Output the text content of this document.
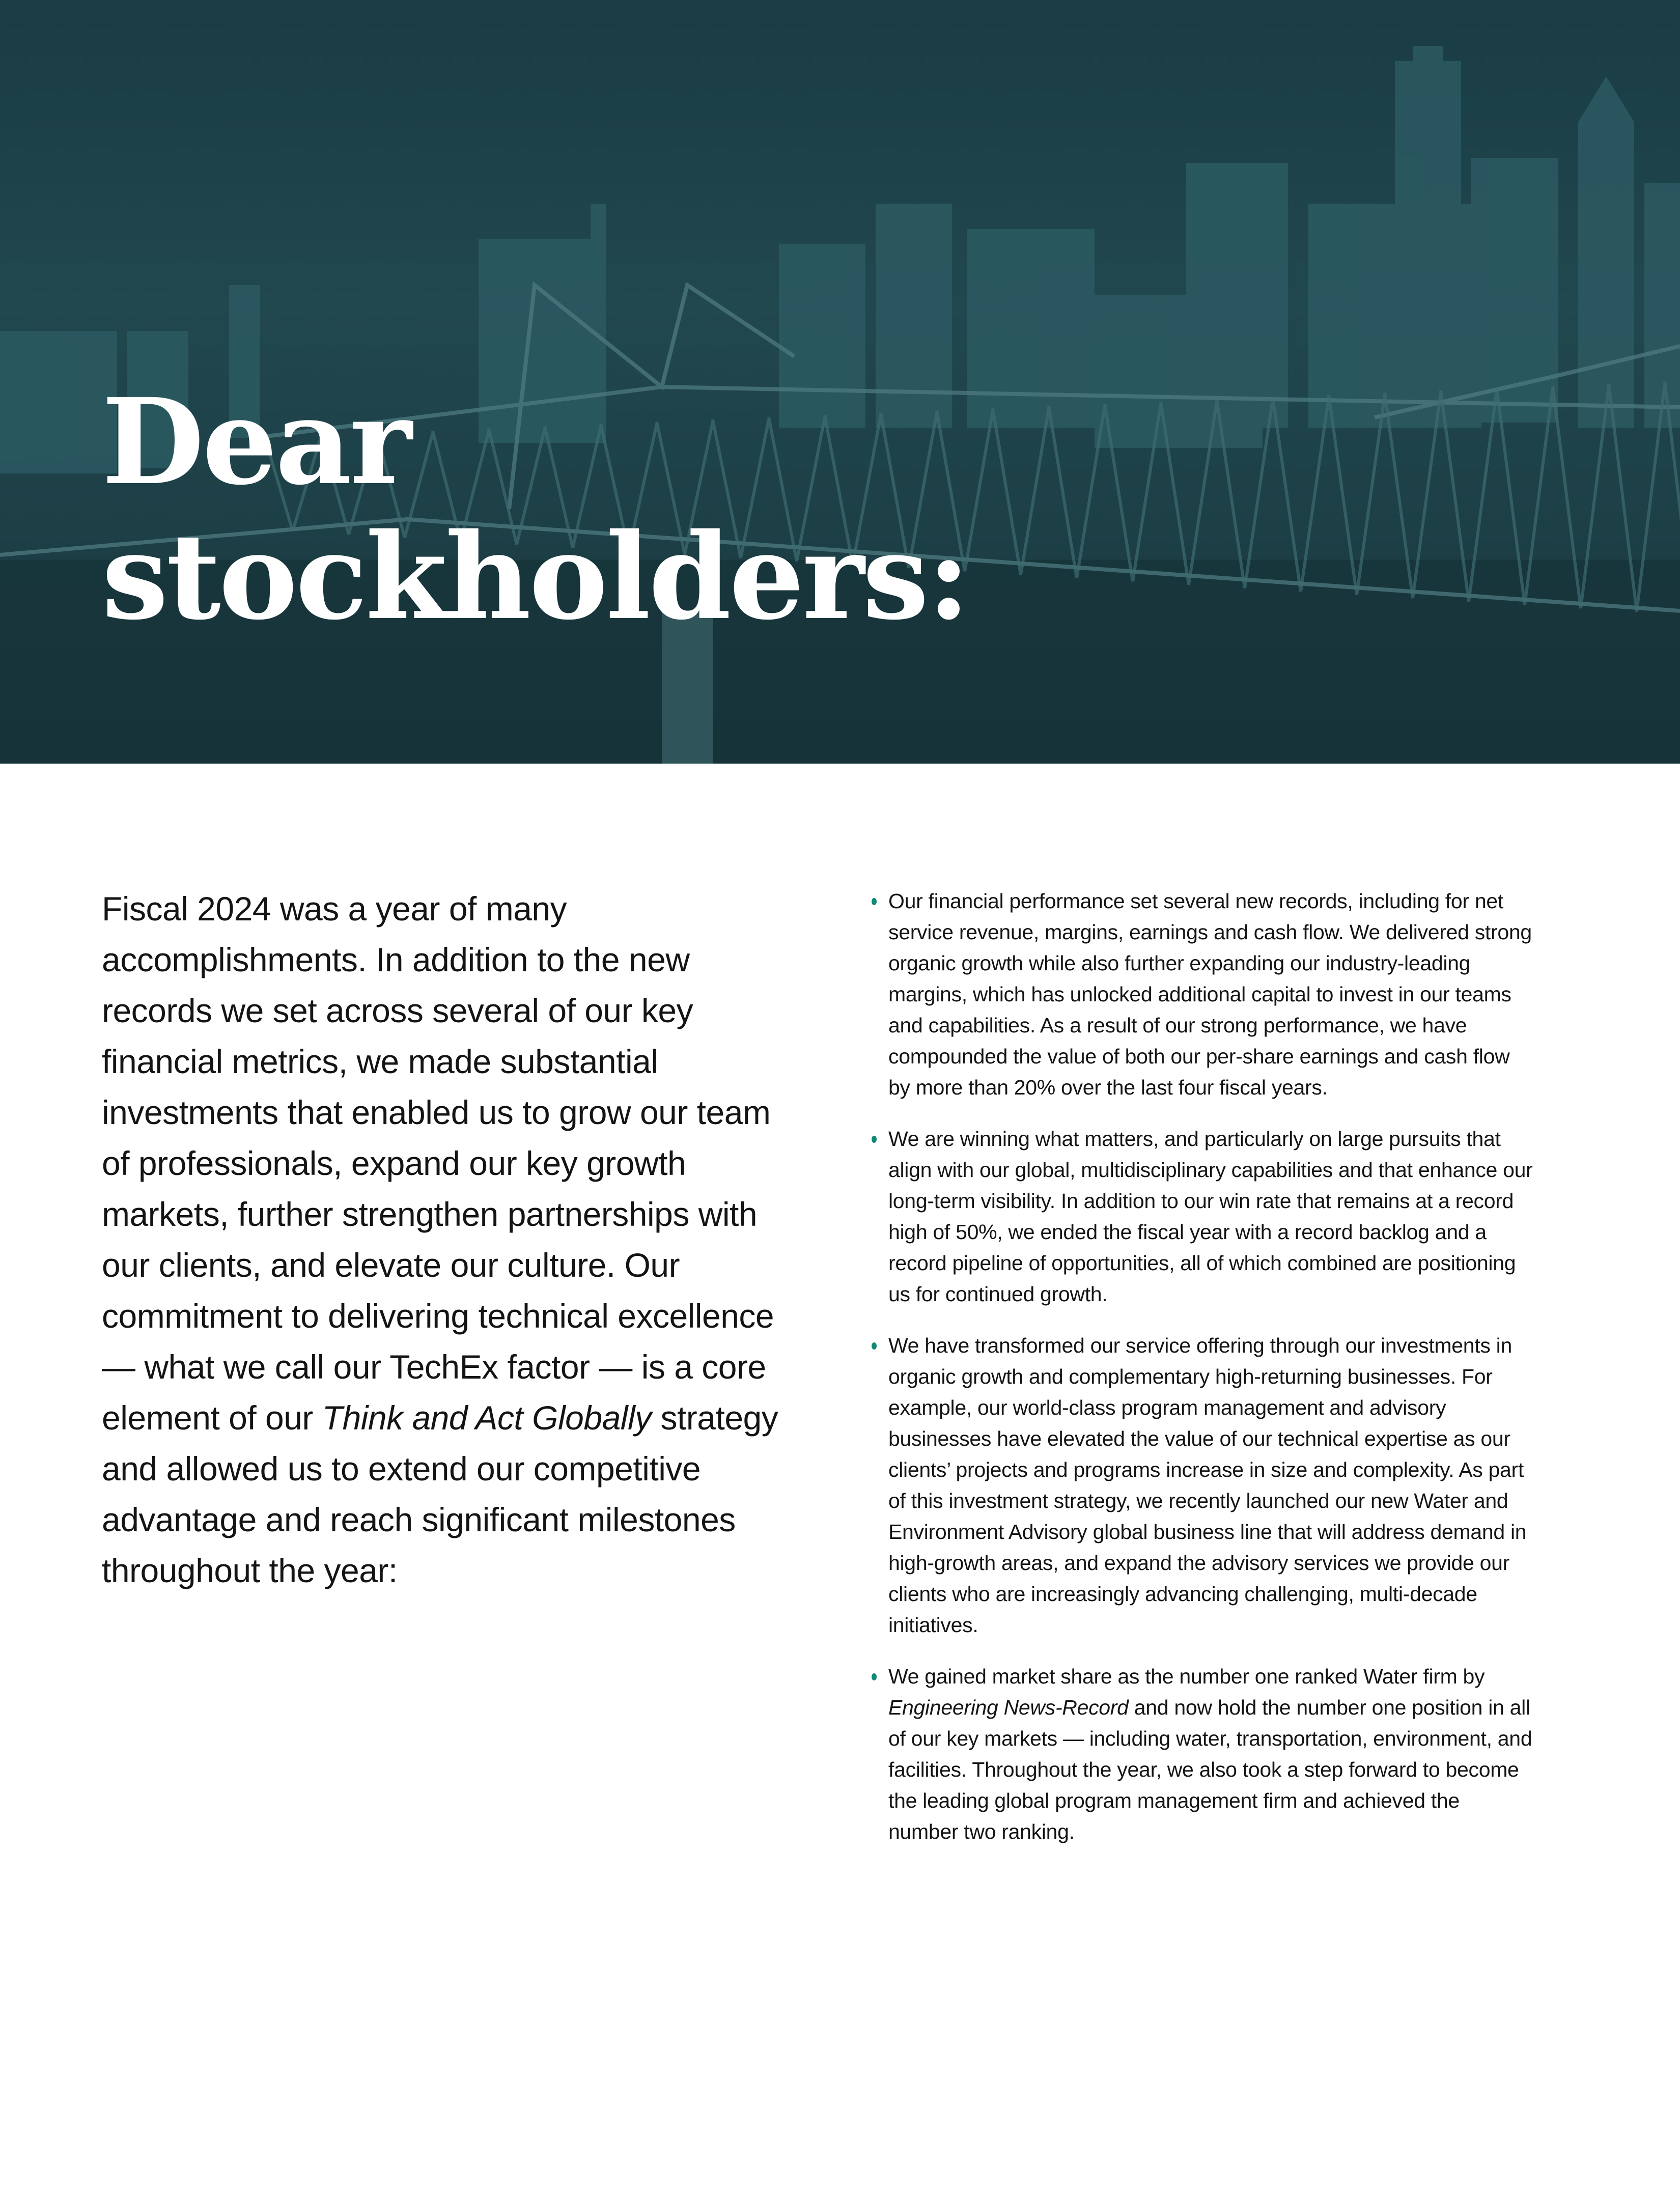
Dear
stockholders:

Fiscal 2024 was a year of many accomplishments. In addition to the new records we set across several of our key financial metrics, we made substantial investments that enabled us to grow our team of professionals, expand our key growth markets, further strengthen partnerships with our clients, and elevate our culture. Our commitment to delivering technical excellence — what we call our TechEx factor — is a core element of our Think and Act Globally strategy and allowed us to extend our competitive advantage and reach significant milestones throughout the year:

Our financial performance set several new records, including for net service revenue, margins, earnings and cash flow. We delivered strong organic growth while also further expanding our industry-leading margins, which has unlocked additional capital to invest in our teams and capabilities. As a result of our strong performance, we have compounded the value of both our per-share earnings and cash flow by more than 20% over the last four fiscal years.
We are winning what matters, and particularly on large pursuits that align with our global, multidisciplinary capabilities and that enhance our long-term visibility. In addition to our win rate that remains at a record high of 50%, we ended the fiscal year with a record backlog and a record pipeline of opportunities, all of which combined are positioning us for continued growth.
We have transformed our service offering through our investments in organic growth and complementary high-returning businesses. For example, our world-class program management and advisory businesses have elevated the value of our technical expertise as our clients’ projects and programs increase in size and complexity. As part of this investment strategy, we recently launched our new Water and Environment Advisory global business line that will address demand in high-growth areas, and expand the advisory services we provide our clients who are increasingly advancing challenging, multi-decade initiatives.
We gained market share as the number one ranked Water firm by Engineering News-Record and now hold the number one position in all of our key markets — including water, transportation, environment, and facilities. Throughout the year, we also took a step forward to become the leading global program management firm and achieved the number two ranking.
